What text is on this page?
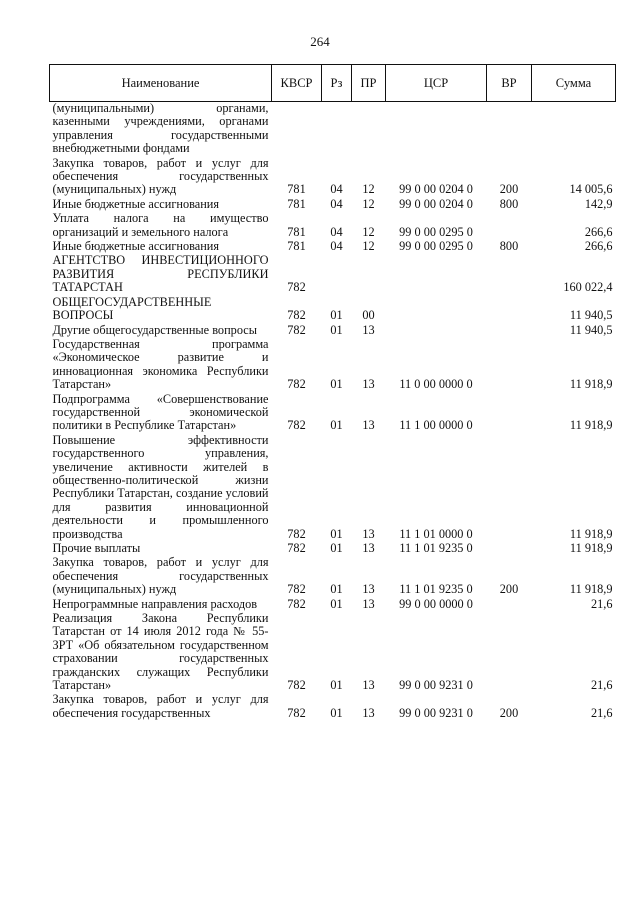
264
Наименование	КВСР	Рз	ПР	ЦСР	ВР	Сумма
(муниципальными) органами, казенными учреждениями, органами управления государственными внебюджетными фондами						
Закупка товаров, работ и услуг для обеспечения государственных (муниципальных) нужд	781	04	12	99 0 00 0204 0	200	14 005,6
Иные бюджетные ассигнования	781	04	12	99 0 00 0204 0	800	142,9
Уплата налога на имущество организаций и земельного налога	781	04	12	99 0 00 0295 0		266,6
Иные бюджетные ассигнования	781	04	12	99 0 00 0295 0	800	266,6
АГЕНТСТВО ИНВЕСТИЦИОННОГО РАЗВИТИЯ РЕСПУБЛИКИ ТАТАРСТАН	782					160 022,4
ОБЩЕГОСУДАРСТВЕННЫЕ ВОПРОСЫ	782	01	00			11 940,5
Другие общегосударственные вопросы	782	01	13			11 940,5
Государственная программа «Экономическое развитие и инновационная экономика Республики Татарстан»	782	01	13	11 0 00 0000 0		11 918,9
Подпрограмма «Совершенствование государственной экономической политики в Республике Татарстан»	782	01	13	11 1 00 0000 0		11 918,9
Повышение эффективности государственного управления, увеличение активности жителей в общественно-политической жизни Республики Татарстан, создание условий для развития инновационной деятельности и промышленного производства	782	01	13	11 1 01 0000 0		11 918,9
Прочие выплаты	782	01	13	11 1 01 9235 0		11 918,9
Закупка товаров, работ и услуг для обеспечения государственных (муниципальных) нужд	782	01	13	11 1 01 9235 0	200	11 918,9
Непрограммные направления расходов	782	01	13	99 0 00 0000 0		21,6
Реализация Закона Республики Татарстан от 14 июля 2012 года № 55-ЗРТ «Об обязательном государственном страховании государственных гражданских служащих Республики Татарстан»	782	01	13	99 0 00 9231 0		21,6
Закупка товаров, работ и услуг для обеспечения государственных	782	01	13	99 0 00 9231 0	200	21,6
